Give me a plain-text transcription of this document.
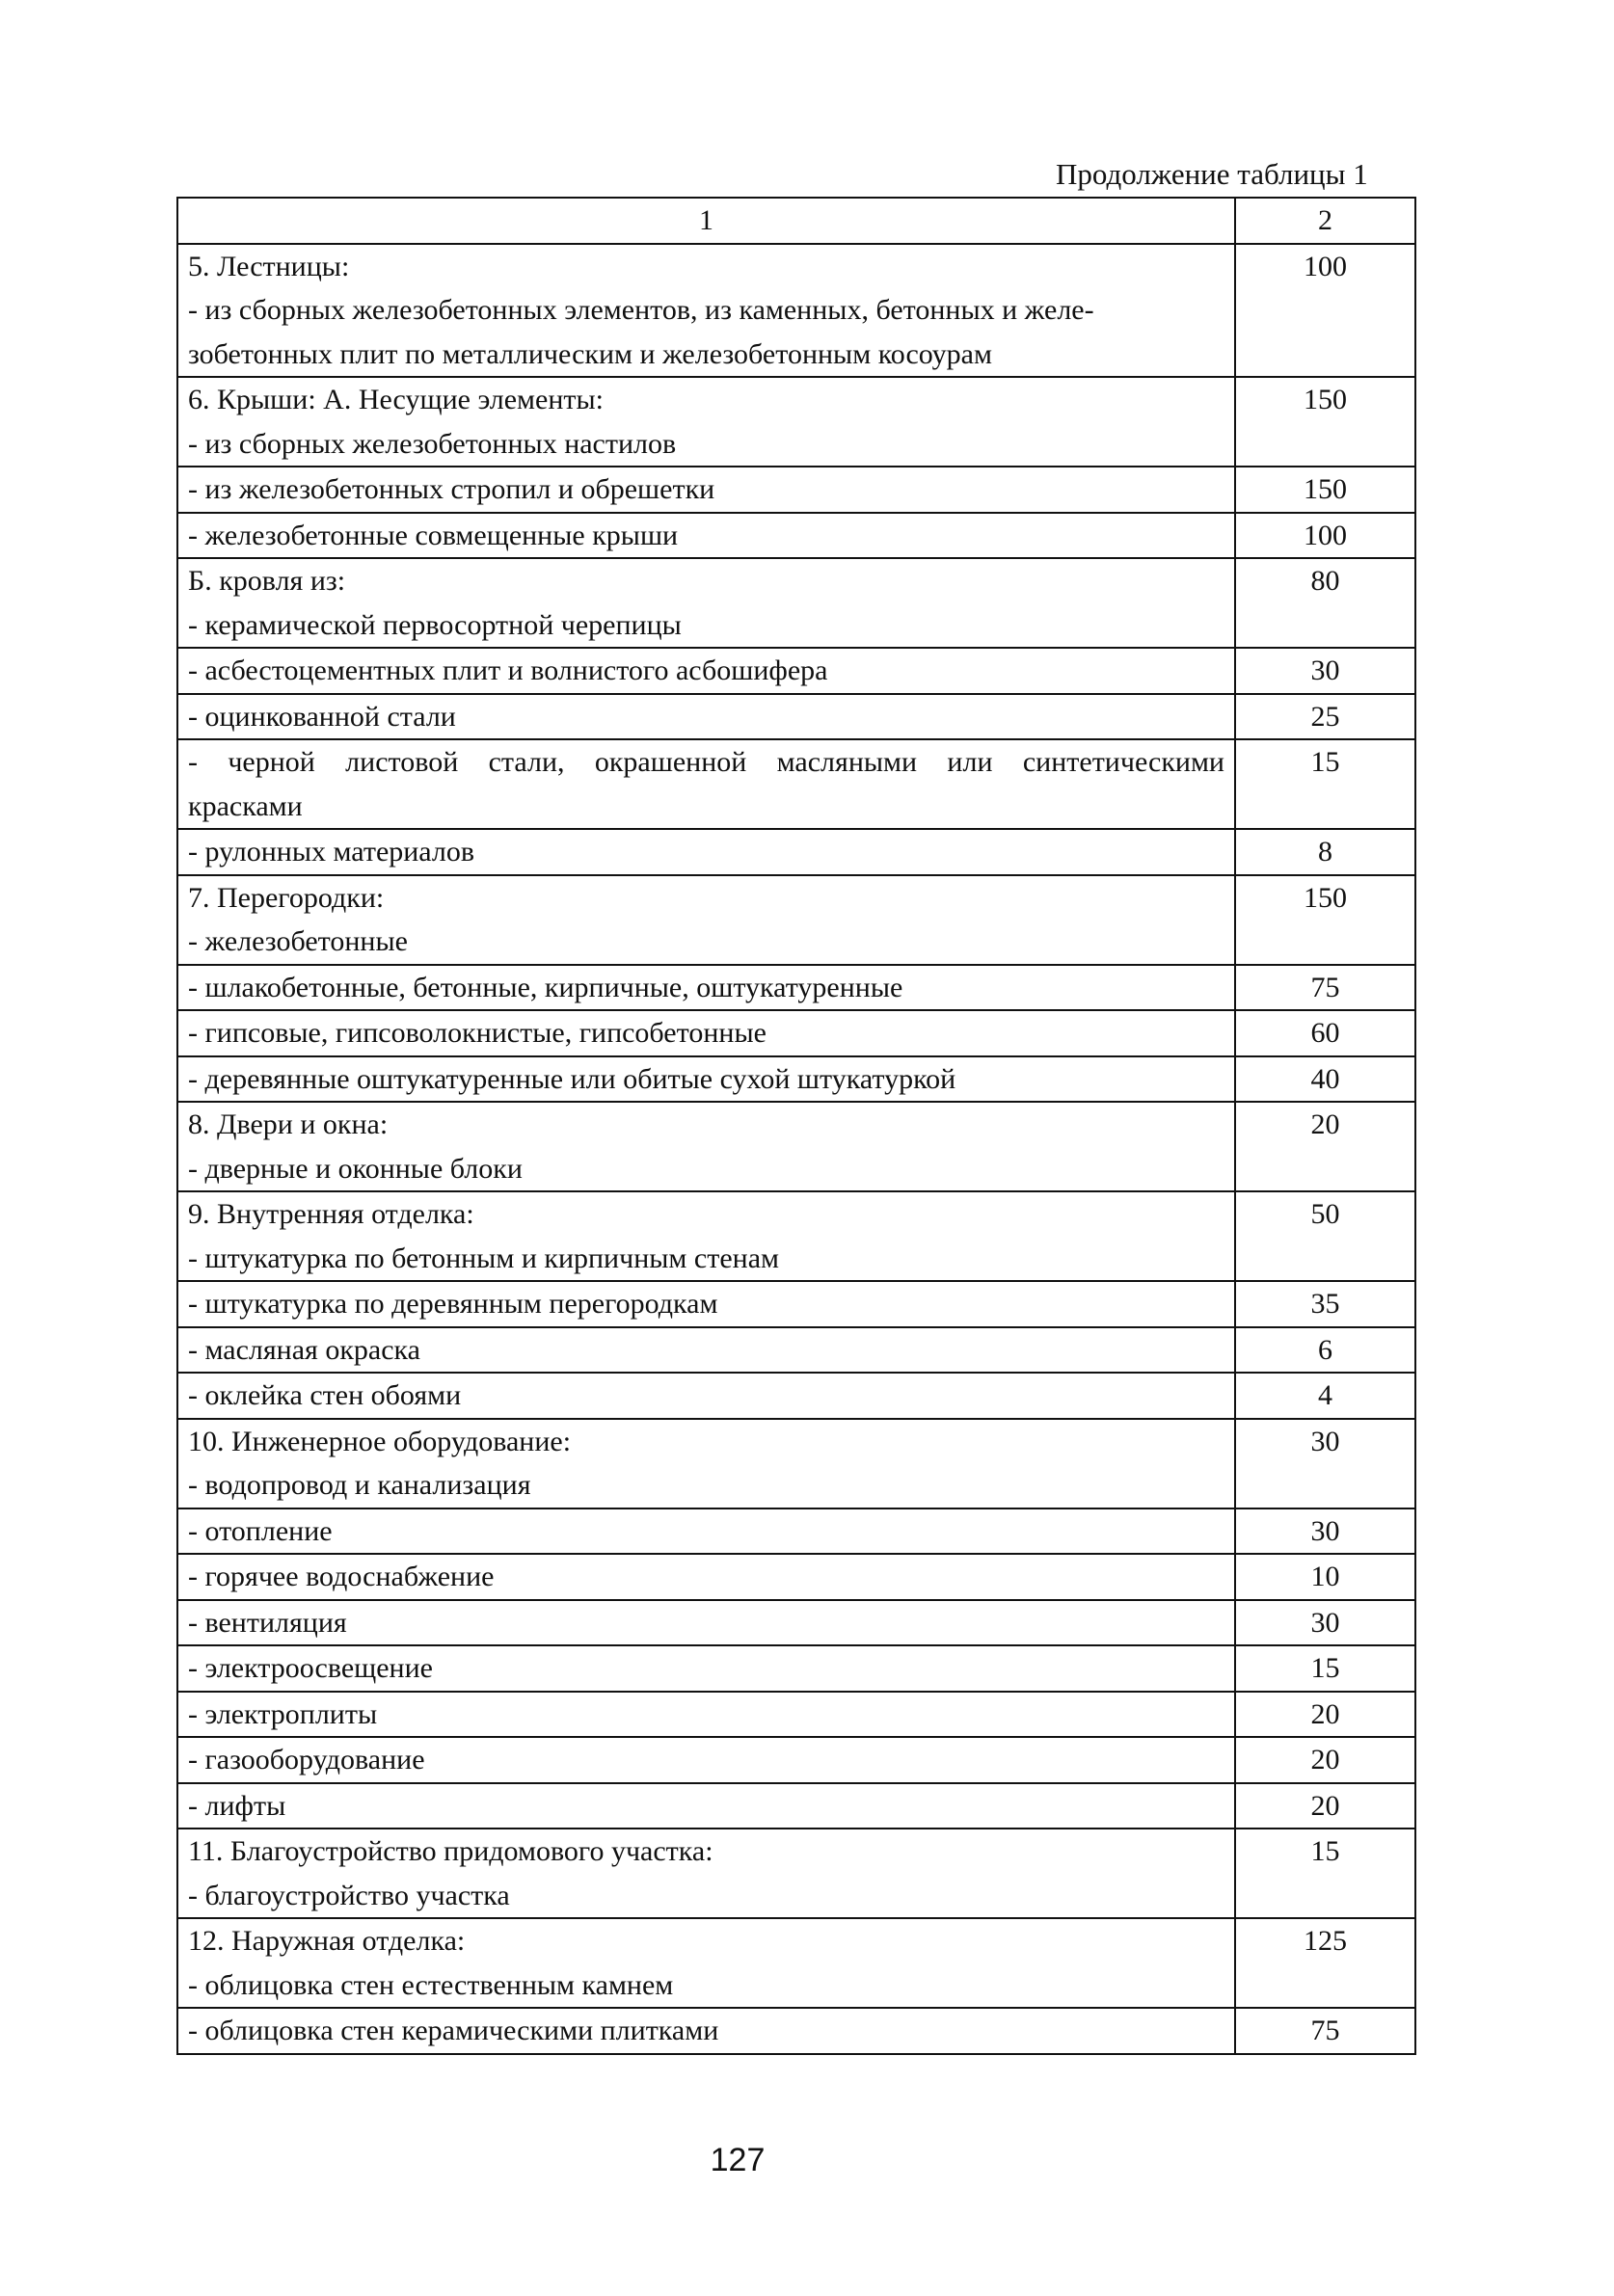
Продолжение таблицы 1
1	2

5. Лестницы:
- из сборных железобетонных элементов, из каменных, бетонных и желе-
зобетонных плит по металлическим и железобетонным косоурам	100

6. Крыши: А. Несущие элементы:
- из сборных железобетонных настилов	150

- из железобетонных стропил и обрешетки	150

- железобетонные совмещенные крыши	100

Б. кровля из:
- керамической первосортной черепицы	80

- асбестоцементных плит и волнистого асбошифера	30

- оцинкованной стали	25

- черной листовой стали, окрашенной масляными или синтетическими
красками	15

- рулонных материалов	8

7. Перегородки:
- железобетонные	150

- шлакобетонные, бетонные, кирпичные, оштукатуренные	75

- гипсовые, гипсоволокнистые, гипсобетонные	60

- деревянные оштукатуренные или обитые сухой штукатуркой	40

8. Двери и окна:
- дверные и оконные блоки	20

9. Внутренняя отделка:
- штукатурка по бетонным и кирпичным стенам	50

- штукатурка по деревянным перегородкам	35

- масляная окраска	6

- оклейка стен обоями	4

10. Инженерное оборудование:
- водопровод и канализация	30

- отопление	30

- горячее водоснабжение	10

- вентиляция	30

- электроосвещение	15

- электроплиты	20

- газооборудование	20

- лифты	20

11. Благоустройство придомового участка:
- благоустройство участка	15

12. Наружная отделка:
- облицовка стен естественным камнем	125

- облицовка стен керамическими плитками	75
127
